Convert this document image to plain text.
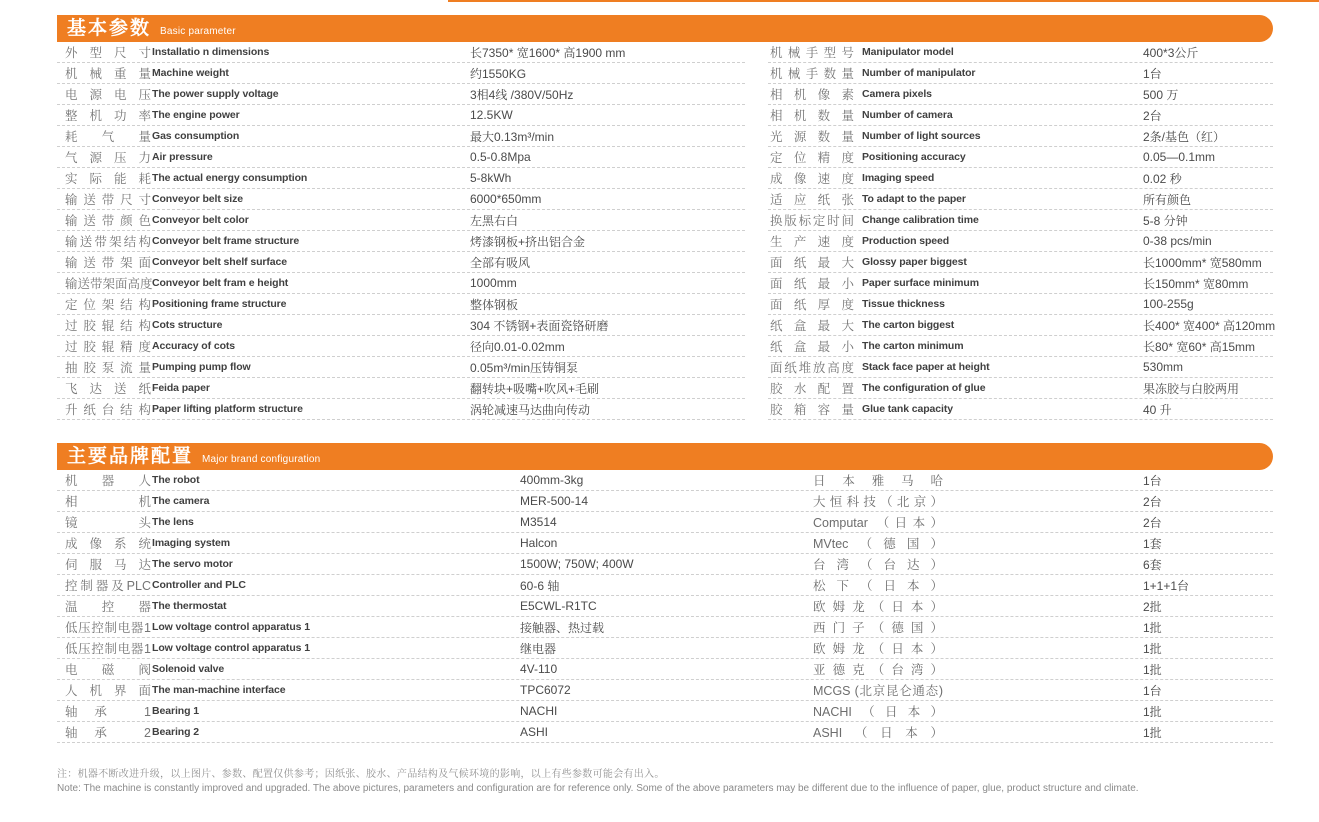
基本参数 Basic parameter
外型尺寸 Installatio n dimensions	长7350* 宽1600* 高1900 mm
机械重量 Machine weight	约1550KG
电源电压 The power supply voltage	3相4线 /380V/50Hz
整机功率 The engine power	12.5KW
耗气量 Gas consumption	最大0.13m³/min
气源压力 Air pressure	0.5-0.8Mpa
实际能耗 The actual energy consumption	5-8kWh
输送带尺寸 Conveyor belt size	6000*650mm
输送带颜色 Conveyor belt color	左黑右白
输送带架结构 Conveyor belt frame structure	烤漆钢板+挤出铝合金
输送带架面 Conveyor belt shelf surface	全部有吸风
输送带架面高度 Conveyor belt fram e height	1000mm
定位架结构 Positioning frame structure	整体钢板
过胶辊结构 Cots structure	304 不锈钢+表面瓷铬研磨
过胶辊精度 Accuracy of cots	径向0.01-0.02mm
抽胶泵流量 Pumping pump flow	0.05m³/min压铸铜泵
飞达送纸 Feida paper	翻转块+吸嘴+吹风+毛刷
升纸台结构 Paper lifting platform structure	涡轮减速马达曲向传动
机械手型号 Manipulator model	400*3公斤
机械手数量 Number of manipulator	1台
相机像素 Camera pixels	500 万
相机数量 Number of camera	2台
光源数量 Number of light sources	2条/基色（红）
定位精度 Positioning accuracy	0.05—0.1mm
成像速度 Imaging speed	0.02 秒
适应纸张 To adapt to the paper	所有颜色
换版标定时间 Change calibration time	5-8 分钟
生产速度 Production speed	0-38 pcs/min
面纸最大 Glossy paper biggest	长1000mm* 宽580mm
面纸最小 Paper surface minimum	长150mm* 宽80mm
面纸厚度 Tissue thickness	100-255g
纸盒最大 The carton biggest	长400* 宽400* 高120mm
纸盒最小 The carton minimum	长80* 宽60* 高15mm
面纸堆放高度 Stack face paper at height	530mm
胶水配置 The configuration of glue	果冻胶与白胶两用
胶箱容量 Glue tank capacity	40 升
主要品牌配置 Major brand configuration
机器人 The robot	400mm-3kg	日本雅马哈	1台
相机 The camera	MER-500-14	大恒科技（北京）	2台
镜头 The lens	M3514	Computar （日本）	2台
成像系统 Imaging system	Halcon	MVtec（德国）	1套
伺服马达 The servo motor	1500W; 750W; 400W	台湾（台达）	6套
控制器及PLC Controller and PLC	60-6 轴	松下（日本）	1+1+1台
温控器 The thermostat	E5CWL-R1TC	欧姆龙（日本）	2批
低压控制电器1 Low voltage control apparatus 1	接触器、热过载	西门子（德国）	1批
低压控制电器1 Low voltage control apparatus 1	继电器	欧姆龙（日本）	1批
电磁阀 Solenoid valve	4V-110	亚德克（台湾）	1批
人机界面 The man-machine interface	TPC6072	MCGS (北京昆仑通态)	1台
轴承 1 Bearing 1	NACHI	NACHI（日本）	1批
轴承 2 Bearing 2	ASHI	ASHI（日本）	1批
注：机器不断改进升级，以上图片、参数、配置仅供参考；因纸张、胶水、产品结构及气候环境的影响，以上有些参数可能会有出入。
Note: The machine is constantly improved and upgraded. The above pictures, parameters and configuration are for reference only. Some of the above parameters may be different due to the influence of paper, glue, product structure and climate.
